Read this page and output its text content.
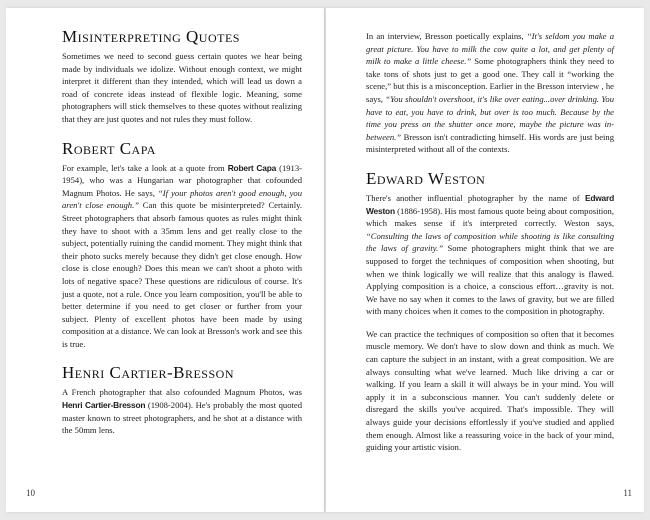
Misinterpreting Quotes

Sometimes we need to second guess certain quotes we hear being made by individuals we idolize. Without enough context, we might interpret it different than they intended, which will lead us down a road of concrete ideas instead of flexible logic. Meaning, some photographers will stick themselves to these quotes without realizing that they are just quotes and not rules they must follow.

Robert Capa

For example, let's take a look at a quote from Robert Capa (1913-1954), who was a Hungarian war photographer that cofounded Magnum Photos. He says, “If your photos aren't good enough, you aren't close enough.” Can this quote be misinterpreted? Certainly. Street photographers that absorb famous quotes as rules might think they have to shoot with a 35mm lens and get really close to the subject, potentially ruining the candid moment. They might think that their photo sucks merely because they didn't get close enough. How close is close enough? Does this mean we can't shoot a photo with lots of negative space? These questions are ridiculous of course. It's just a quote, not a rule. Once you learn composition, you'll be able to better determine if you need to get closer or further from your subject. Plenty of excellent photos have been made by using composition at a distance. We can look at Bresson's work and see this is true.

Henri Cartier-Bresson

A French photographer that also cofounded Magnum Photos, was Henri Cartier-Bresson (1908-2004). He's probably the most quoted master known to street photographers, and he shot at a distance with the 50mm lens.

In an interview, Bresson poetically explains, “It's seldom you make a great picture. You have to milk the cow quite a lot, and get plenty of milk to make a little cheese.” Some photographers think they need to take tons of shots just to get a good one. They call it “working the scene,” but this is a misconception. Earlier in the Bresson interview , he says, “You shouldn't overshoot, it's like over eating...over drinking. You have to eat, you have to drink, but over is too much. Because by the time you press on the shutter once more, maybe the picture was in-between.” Bresson isn't contradicting himself. His words are just being misinterpreted without all of the contexts.

Edward Weston

There's another influential photographer by the name of Edward Weston (1886-1958). His most famous quote being about composition, which makes sense if it's interpreted correctly. Weston says, “Consulting the laws of composition while shooting is like consulting the laws of gravity.” Some photographers might think that we are supposed to forget the techniques of composition when shooting, but when we think logically we will realize that this analogy is flawed. Applying composition is a choice, a conscious effort…gravity is not. We have no say when it comes to the laws of gravity, but we are filled with many choices when it comes to the composition in photography.

We can practice the techniques of composition so often that it becomes muscle memory. We don't have to slow down and think as much. We can capture the subject in an instant, with a great composition. We are always consulting what we've learned. Much like driving a car or walking. If you learn a skill it will always be in your mind. You will apply it in a subconscious manner. You can't suddenly delete or disregard the skills you've acquired. That's impossible. They will always guide your decisions effortlessly if you've studied and applied them enough. Almost like a reassuring voice in the back of your mind, guiding your artistic vision.

10	11
